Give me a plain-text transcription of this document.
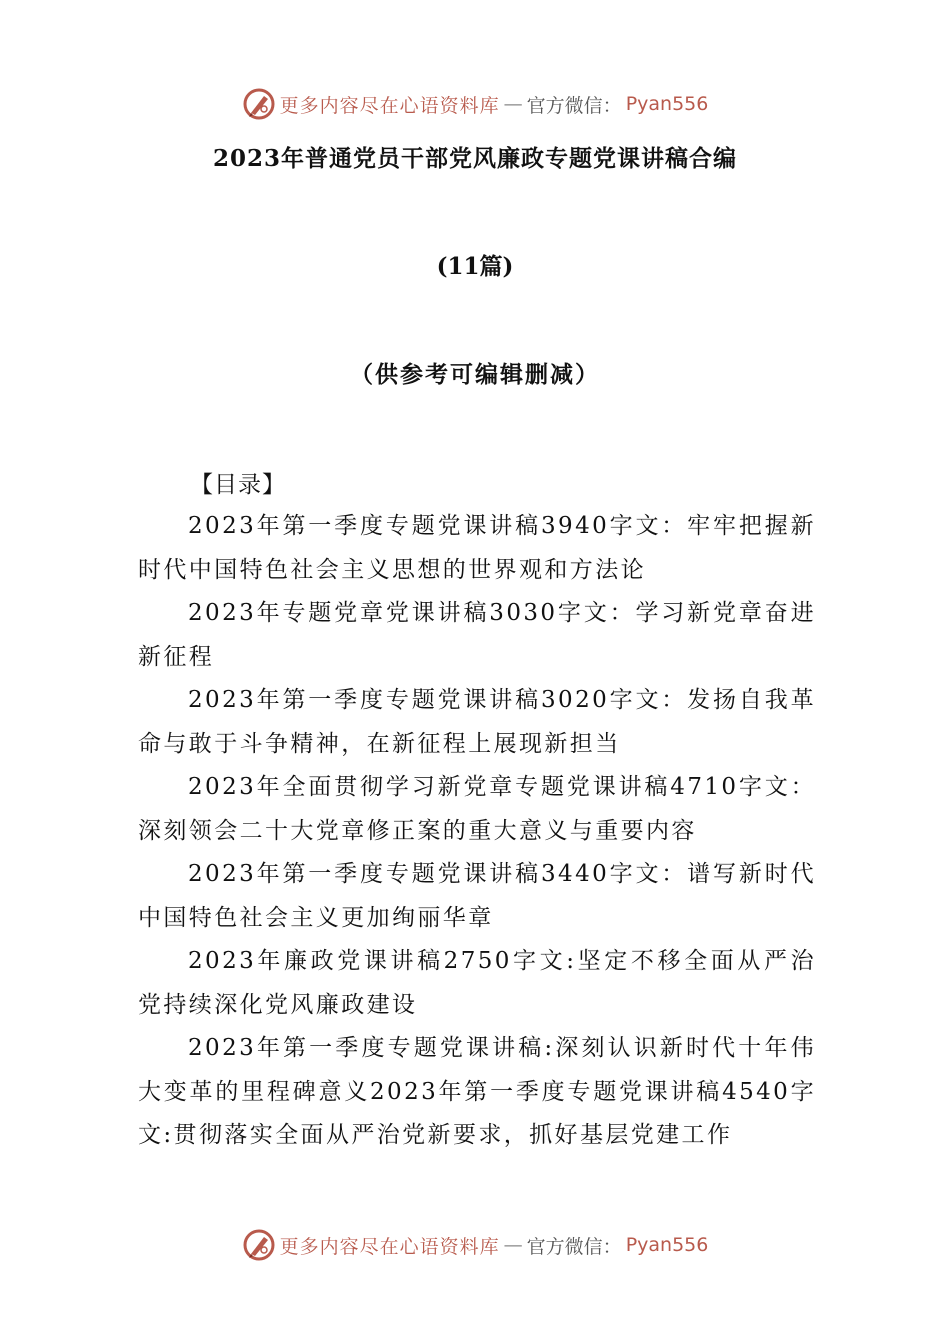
更多内容尽在心语资料库 — 官方微信： Pyan556
2023年普通党员干部党风廉政专题党课讲稿合编
(11篇)
（供参考可编辑删减）
【目录】
2023年第一季度专题党课讲稿3940字文：牢牢把握新时代中国特色社会主义思想的世界观和方法论
2023年专题党章党课讲稿3030字文：学习新党章奋进新征程
2023年第一季度专题党课讲稿3020字文：发扬自我革命与敢于斗争精神，在新征程上展现新担当
2023年全面贯彻学习新党章专题党课讲稿4710字文：深刻领会二十大党章修正案的重大意义与重要内容
2023年第一季度专题党课讲稿3440字文：谱写新时代中国特色社会主义更加绚丽华章
2023年廉政党课讲稿2750字文:坚定不移全面从严治党持续深化党风廉政建设
2023年第一季度专题党课讲稿:深刻认识新时代十年伟大变革的里程碑意义2023年第一季度专题党课讲稿4540字文:贯彻落实全面从严治党新要求，抓好基层党建工作
更多内容尽在心语资料库 — 官方微信： Pyan556
